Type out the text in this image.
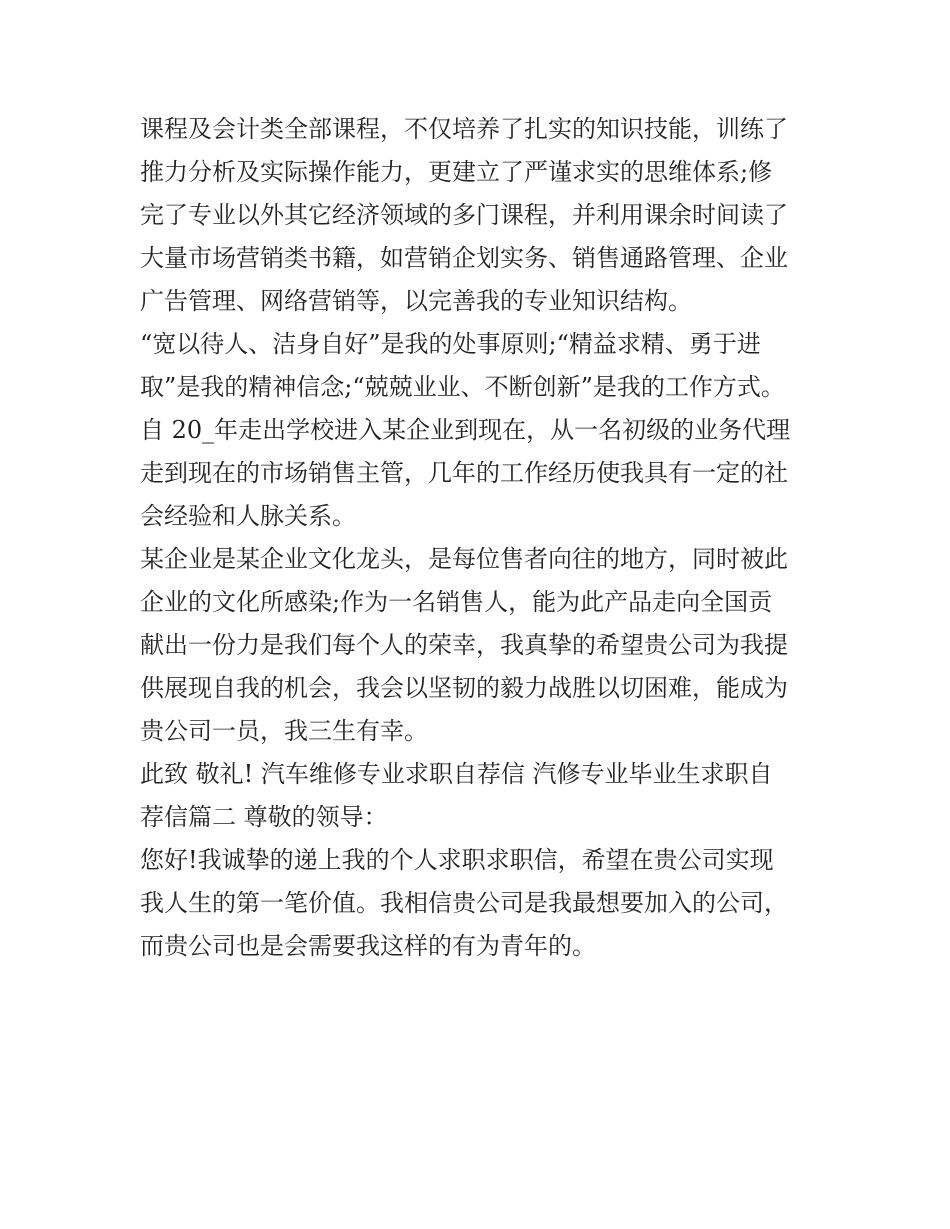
课程及会计类全部课程，不仅培养了扎实的知识技能，训练了
推力分析及实际操作能力，更建立了严谨求实的思维体系;修
完了专业以外其它经济领域的多门课程，并利用课余时间读了
大量市场营销类书籍，如营销企划实务、销售通路管理、企业
广告管理、网络营销等，以完善我的专业知识结构。
“宽以待人、洁身自好”是我的处事原则;“精益求精、勇于进
取”是我的精神信念;“兢兢业业、不断创新”是我的工作方式。
自 20_年走出学校进入某企业到现在，从一名初级的业务代理
走到现在的市场销售主管，几年的工作经历使我具有一定的社
会经验和人脉关系。
某企业是某企业文化龙头，是每位售者向往的地方，同时被此
企业的文化所感染;作为一名销售人，能为此产品走向全国贡
献出一份力是我们每个人的荣幸，我真挚的希望贵公司为我提
供展现自我的机会，我会以坚韧的毅力战胜以切困难，能成为
贵公司一员，我三生有幸。
此致 敬礼! 汽车维修专业求职自荐信 汽修专业毕业生求职自
荐信篇二 尊敬的领导：
您好!我诚挚的递上我的个人求职求职信，希望在贵公司实现
我人生的第一笔价值。我相信贵公司是我最想要加入的公司，
而贵公司也是会需要我这样的有为青年的。
